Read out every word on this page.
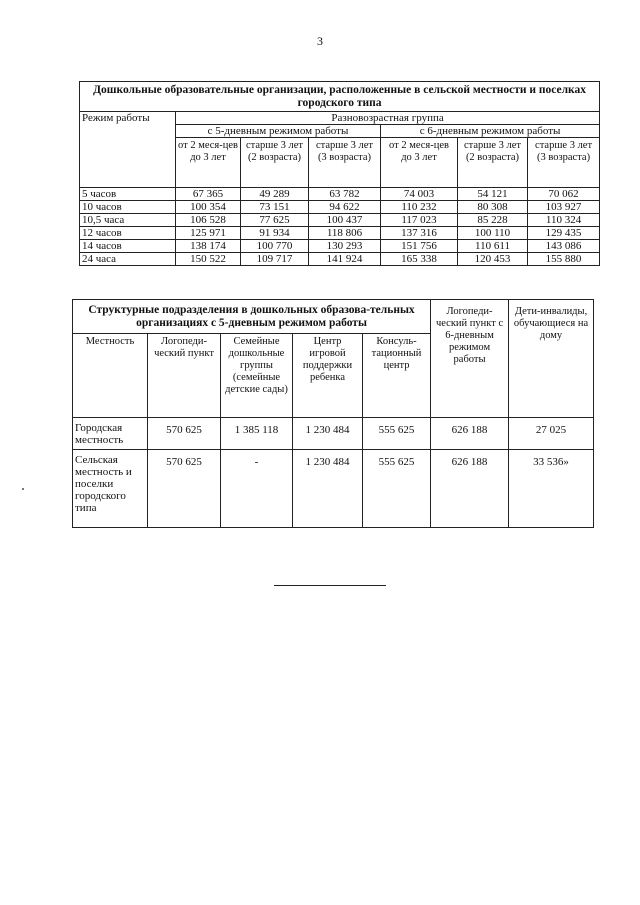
3
Дошкольные образовательные организации, расположенные в сельской местности и поселках городского типа						
Режим работы	Разновозрастная группа					
	с 5-дневным режимом работы			с 6-дневным режимом работы		
	от 2 меся-цев до 3 лет	старше 3 лет (2 возраста)	старше 3 лет (3 возраста)	от 2 меся-цев до 3 лет	старше 3 лет (2 возраста)	старше 3 лет (3 возраста)
5 часов	67 365	49 289	63 782	74 003	54 121	70 062
10 часов	100 354	73 151	94 622	110 232	80 308	103 927
10,5 часа	106 528	77 625	100 437	117 023	85 228	110 324
12 часов	125 971	91 934	118 806	137 316	100 110	129 435
14 часов	138 174	100 770	130 293	151 756	110 611	143 086
24 часа	150 522	109 717	141 924	165 338	120 453	155 880
Структурные подразделения в дошкольных образова-тельных организациях с 5-дневным режимом работы					Логопеди-ческий пункт с 6-дневным режимом работы	Дети-инвалиды, обучающиеся на дому
Местность	Логопеди-ческий пункт	Семейные дошкольные группы (семейные детские сады)	Центр игровой поддержки ребенка	Консуль-тационный центр		
Городская местность	570 625	1 385 118	1 230 484	555 625	626 188	27 025
Сельская местность и поселки городского типа	570 625	-	1 230 484	555 625	626 188	33 536»
